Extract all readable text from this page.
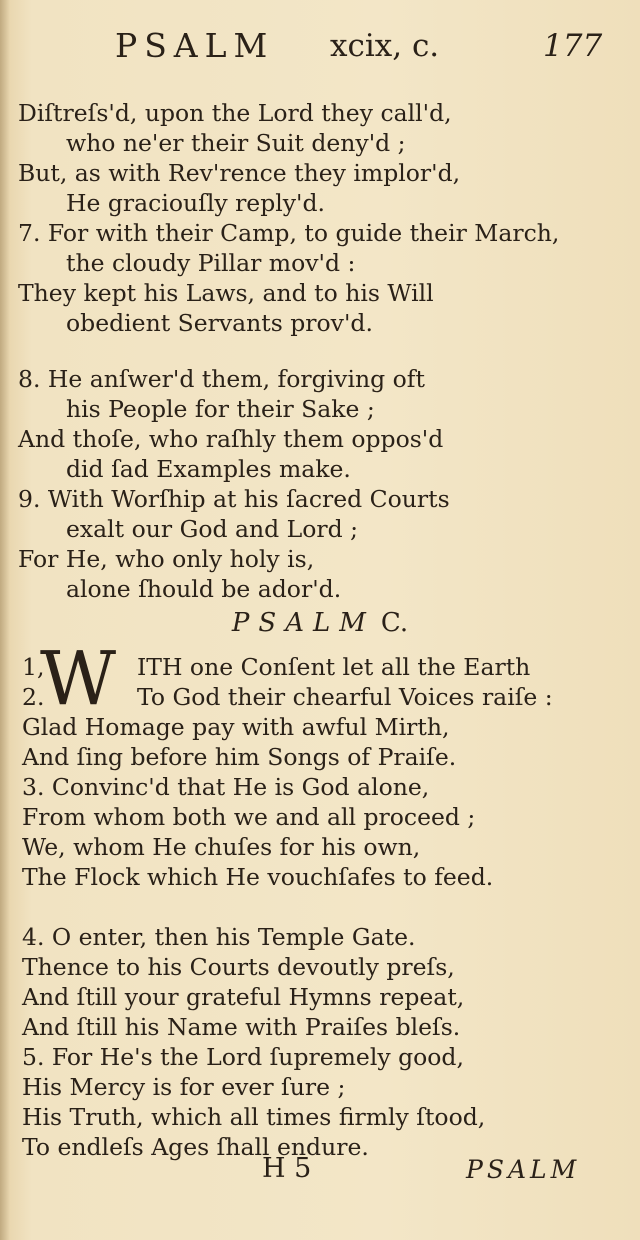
PSALM xcix, c.	177
Diſtreſs'd, upon the Lord they call'd,
who ne'er their Suit deny'd ;
But, as with Rev'rence they implor'd,
He graciouſly reply'd.
7. For with their Camp, to guide their March,
the cloudy Pillar mov'd :
They kept his Laws, and to his Will
obedient Servants prov'd.
8. He anſwer'd them, forgiving oft
his People for their Sake ;
And thoſe, who raſhly them oppos'd
did ſad Examples make.
9. With Worſhip at his ſacred Courts
exalt our God and Lord ;
For He, who only holy is,
alone ſhould be ador'd.
PSALM C.
W
1,	ITH one Conſent let all the Earth
2.	To God their chearful Voices raiſe :
Glad Homage pay with awful Mirth,
And ſing before him Songs of Praiſe.
3. Convinc'd that He is God alone,
From whom both we and all proceed ;
We, whom He chuſes for his own,
The Flock which He vouchſafes to feed.
4. O enter, then his Temple Gate.
Thence to his Courts devoutly preſs,
And ſtill your grateful Hymns repeat,
And ſtill his Name with Praiſes bleſs.
5. For He's the Lord ſupremely good,
His Mercy is for ever ſure ;
His Truth, which all times firmly ſtood,
To endleſs Ages ſhall endure.
H 5	PSALM
